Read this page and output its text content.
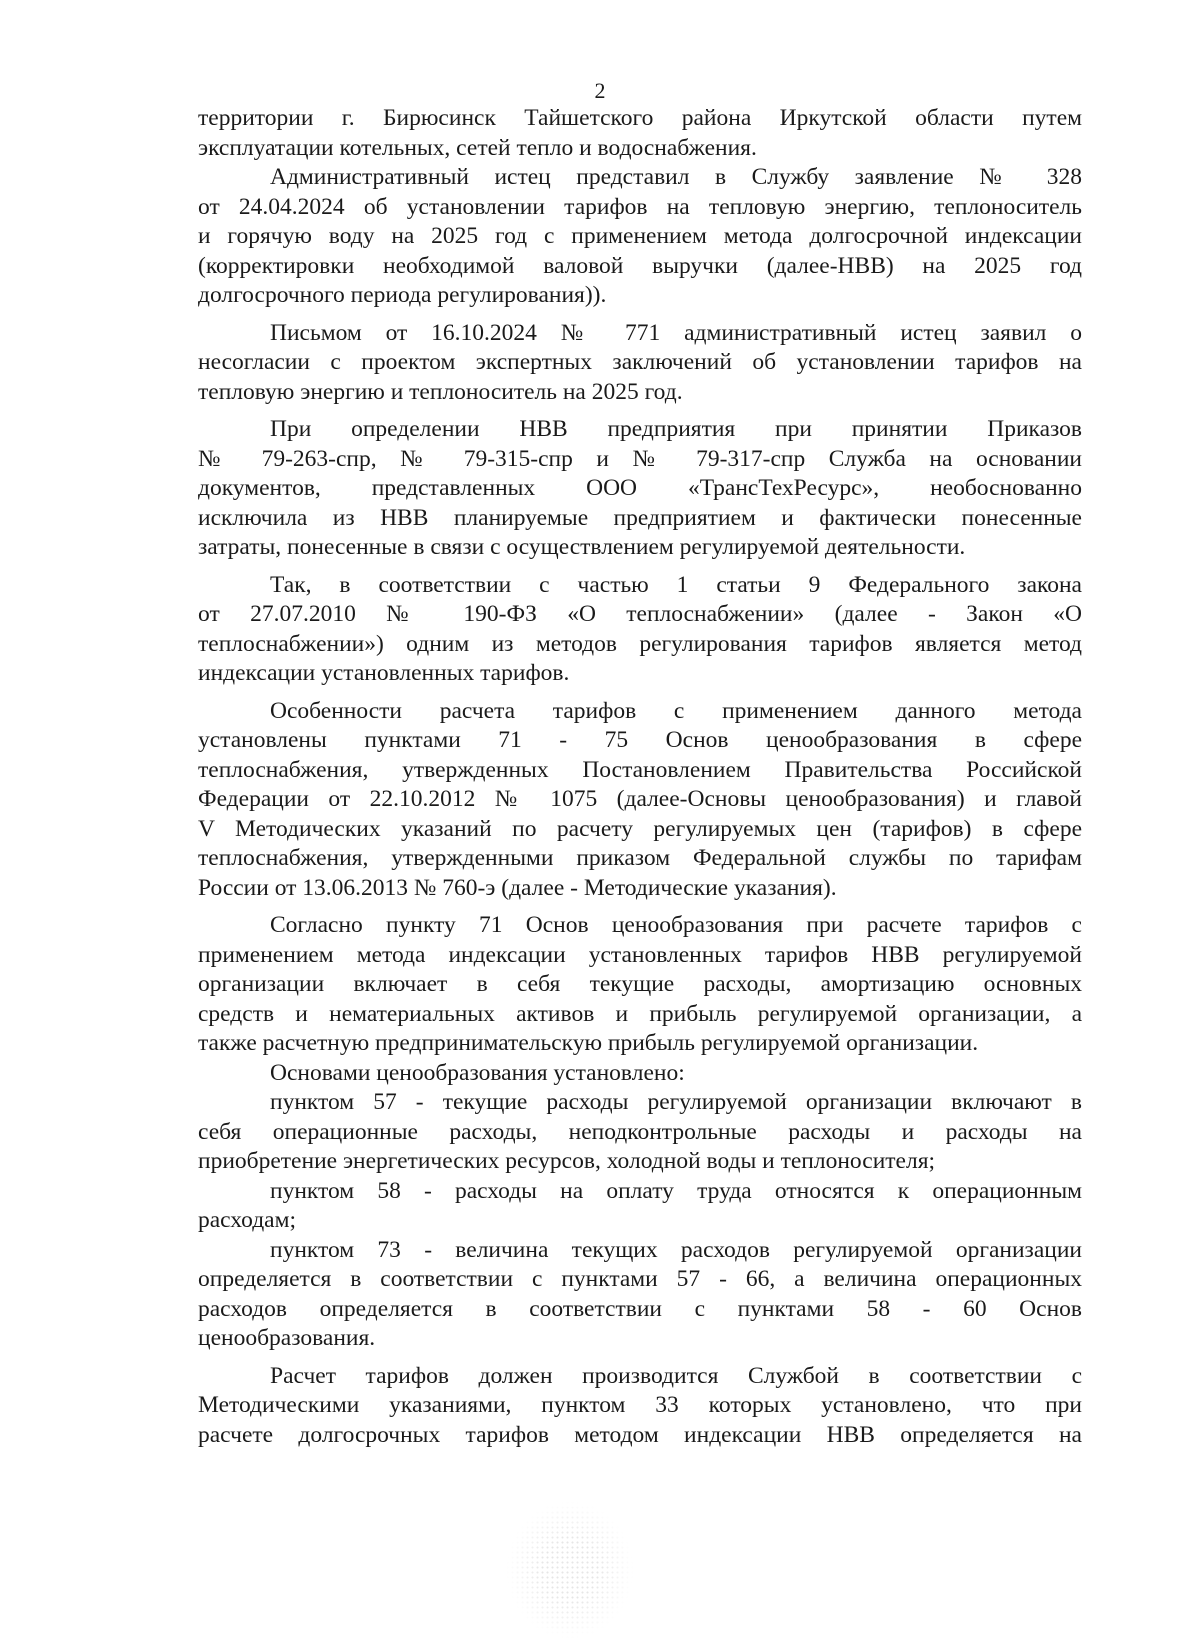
2
территории г. Бирюсинск Тайшетского района Иркутской области путем
эксплуатации котельных, сетей тепло и водоснабжения.
Административный истец представил в Службу заявление № 328
от 24.04.2024 об установлении тарифов на тепловую энергию, теплоноситель
и горячую воду на 2025 год с применением метода долгосрочной индексации
(корректировки необходимой валовой выручки (далее-НВВ) на 2025 год
долгосрочного периода регулирования)).
Письмом от 16.10.2024 № 771 административный истец заявил о
несогласии с проектом экспертных заключений об установлении тарифов на
тепловую энергию и теплоноситель на 2025 год.
При определении НВВ предприятия при принятии Приказов
№ 79-263-спр, № 79-315-спр и № 79-317-спр Служба на основании
документов, представленных ООО «ТрансТехРесурс», необоснованно
исключила из НВВ планируемые предприятием и фактически понесенные
затраты, понесенные в связи с осуществлением регулируемой деятельности.
Так, в соответствии с частью 1 статьи 9 Федерального закона
от 27.07.2010 № 190-ФЗ «О теплоснабжении» (далее - Закон «О
теплоснабжении») одним из методов регулирования тарифов является метод
индексации установленных тарифов.
Особенности расчета тарифов с применением данного метода
установлены пунктами 71 - 75 Основ ценообразования в сфере
теплоснабжения, утвержденных Постановлением Правительства Российской
Федерации от 22.10.2012 № 1075 (далее-Основы ценообразования) и главой
V Методических указаний по расчету регулируемых цен (тарифов) в сфере
теплоснабжения, утвержденными приказом Федеральной службы по тарифам
России от 13.06.2013 № 760-э (далее - Методические указания).
Согласно пункту 71 Основ ценообразования при расчете тарифов с
применением метода индексации установленных тарифов НВВ регулируемой
организации включает в себя текущие расходы, амортизацию основных
средств и нематериальных активов и прибыль регулируемой организации, а
также расчетную предпринимательскую прибыль регулируемой организации.
Основами ценообразования установлено:
пунктом 57 - текущие расходы регулируемой организации включают в
себя операционные расходы, неподконтрольные расходы и расходы на
приобретение энергетических ресурсов, холодной воды и теплоносителя;
пунктом 58 - расходы на оплату труда относятся к операционным
расходам;
пунктом 73 - величина текущих расходов регулируемой организации
определяется в соответствии с пунктами 57 - 66, а величина операционных
расходов определяется в соответствии с пунктами 58 - 60 Основ
ценообразования.
Расчет тарифов должен производится Службой в соответствии с
Методическими указаниями, пунктом 33 которых установлено, что при
расчете долгосрочных тарифов методом индексации НВВ определяется на
